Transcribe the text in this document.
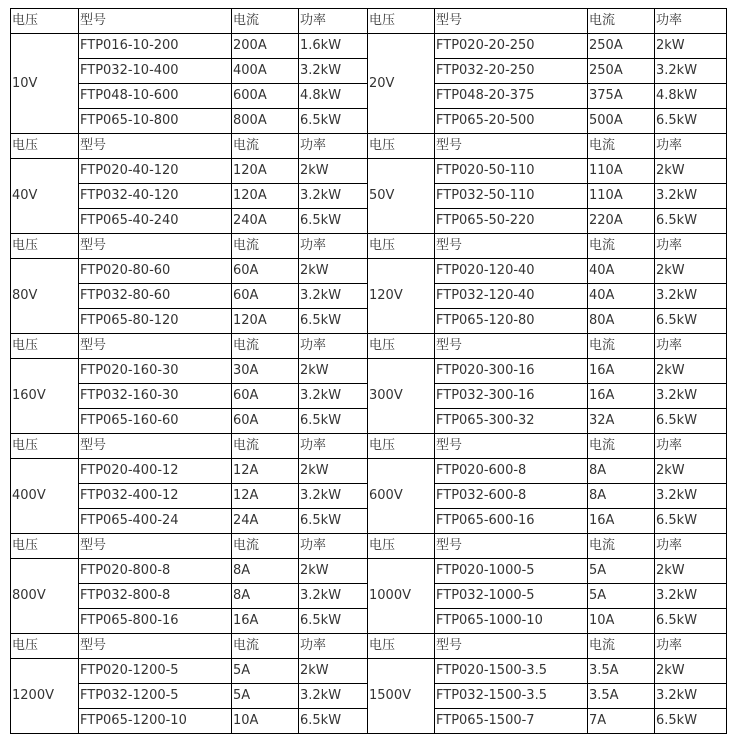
电压	型号	电流	功率	电压	型号	电流	功率
10V	FTP016-10-200	200A	1.6kW	20V	FTP020-20-250	250A	2kW
	FTP032-10-400	400A	3.2kW		FTP032-20-250	250A	3.2kW
	FTP048-10-600	600A	4.8kW		FTP048-20-375	375A	4.8kW
	FTP065-10-800	800A	6.5kW		FTP065-20-500	500A	6.5kW
电压	型号	电流	功率	电压	型号	电流	功率
40V	FTP020-40-120	120A	2kW	50V	FTP020-50-110	110A	2kW
	FTP032-40-120	120A	3.2kW		FTP032-50-110	110A	3.2kW
	FTP065-40-240	240A	6.5kW		FTP065-50-220	220A	6.5kW
电压	型号	电流	功率	电压	型号	电流	功率
80V	FTP020-80-60	60A	2kW	120V	FTP020-120-40	40A	2kW
	FTP032-80-60	60A	3.2kW		FTP032-120-40	40A	3.2kW
	FTP065-80-120	120A	6.5kW		FTP065-120-80	80A	6.5kW
电压	型号	电流	功率	电压	型号	电流	功率
160V	FTP020-160-30	30A	2kW	300V	FTP020-300-16	16A	2kW
	FTP032-160-30	60A	3.2kW		FTP032-300-16	16A	3.2kW
	FTP065-160-60	60A	6.5kW		FTP065-300-32	32A	6.5kW
电压	型号	电流	功率	电压	型号	电流	功率
400V	FTP020-400-12	12A	2kW	600V	FTP020-600-8	8A	2kW
	FTP032-400-12	12A	3.2kW		FTP032-600-8	8A	3.2kW
	FTP065-400-24	24A	6.5kW		FTP065-600-16	16A	6.5kW
电压	型号	电流	功率	电压	型号	电流	功率
800V	FTP020-800-8	8A	2kW	1000V	FTP020-1000-5	5A	2kW
	FTP032-800-8	8A	3.2kW		FTP032-1000-5	5A	3.2kW
	FTP065-800-16	16A	6.5kW		FTP065-1000-10	10A	6.5kW
电压	型号	电流	功率	电压	型号	电流	功率
1200V	FTP020-1200-5	5A	2kW	1500V	FTP020-1500-3.5	3.5A	2kW
	FTP032-1200-5	5A	3.2kW		FTP032-1500-3.5	3.5A	3.2kW
	FTP065-1200-10	10A	6.5kW		FTP065-1500-7	7A	6.5kW
